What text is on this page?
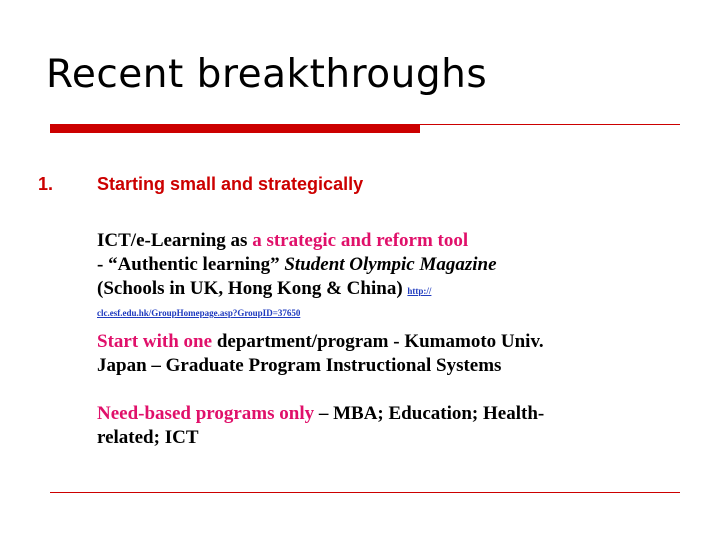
Recent breakthroughs
1. Starting small and strategically
ICT/e-Learning as a strategic and reform tool
- “Authentic learning” Student Olympic Magazine
(Schools in UK, Hong Kong & China) http://
clc.esf.edu.hk/GroupHomepage.asp?GroupID=37650
Start with one department/program - Kumamoto Univ.
Japan – Graduate Program Instructional Systems
Need-based programs only – MBA; Education; Health-
related; ICT
